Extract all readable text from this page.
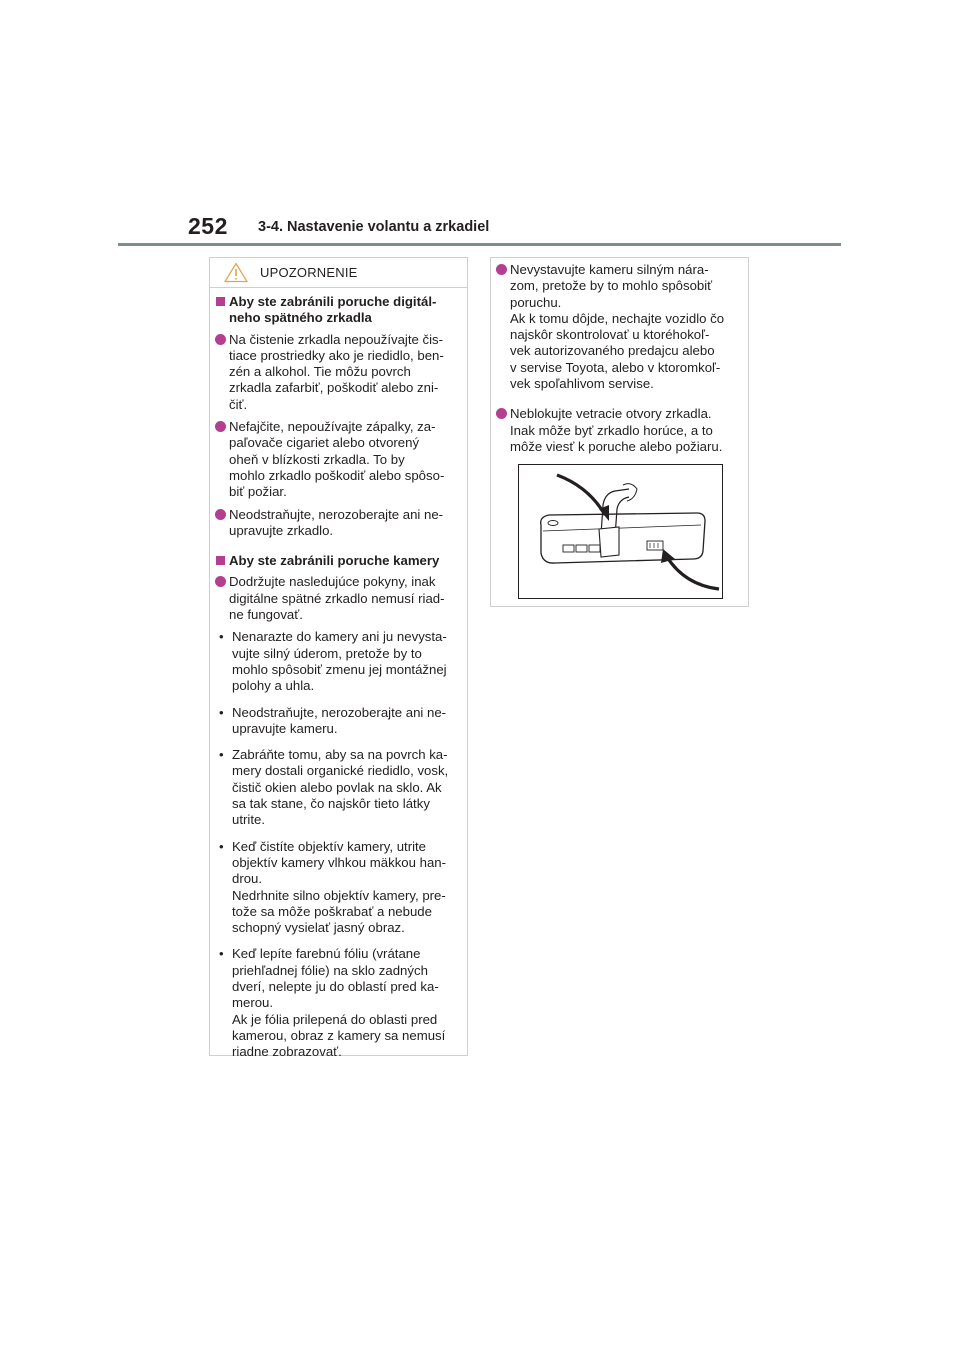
252 3-4. Nastavenie volantu a zrkadiel
UPOZORNENIE

Aby ste zabránili poruche digitál-
neho spätného zrkadla

Na čistenie zrkadla nepoužívajte čis-
tiace prostriedky ako je riedidlo, ben-
zén a alkohol. Tie môžu povrch
zrkadla zafarbiť, poškodiť alebo zni-
čiť.

Nefajčite, nepoužívajte zápalky, za-
paľovače cigariet alebo otvorený
oheň v blízkosti zrkadla. To by
mohlo zrkadlo poškodiť alebo spôso-
biť požiar.

Neodstraňujte, nerozoberajte ani ne-
upravujte zrkadlo.

Aby ste zabránili poruche kamery

Dodržujte nasledujúce pokyny, inak
digitálne spätné zrkadlo nemusí riad-
ne fungovať.

• Nenarazte do kamery ani ju nevysta-
vujte silný úderom, pretože by to
mohlo spôsobiť zmenu jej montážnej
polohy a uhla.

• Neodstraňujte, nerozoberajte ani ne-
upravujte kameru.

• Zabráňte tomu, aby sa na povrch ka-
mery dostali organické riedidlo, vosk,
čistič okien alebo povlak na sklo. Ak
sa tak stane, čo najskôr tieto látky
utrite.

• Keď čistíte objektív kamery, utrite
objektív kamery vlhkou mäkkou han-
drou.
Nedrhnite silno objektív kamery, pre-
tože sa môže poškrabať a nebude
schopný vysielať jasný obraz.

• Keď lepíte farebnú fóliu (vrátane
priehľadnej fólie) na sklo zadných
dverí, nelepte ju do oblastí pred ka-
merou.
Ak je fólia prilepená do oblasti pred
kamerou, obraz z kamery sa nemusí
riadne zobrazovať.

Nevystavujte kameru silným nára-
zom, pretože by to mohlo spôsobiť
poruchu.
Ak k tomu dôjde, nechajte vozidlo čo
najskôr skontrolovať u ktoréhokoľ-
vek autorizovaného predajcu alebo
v servise Toyota, alebo v ktoromkoľ-
vek spoľahlivom servise.

Neblokujte vetracie otvory zrkadla.
Inak môže byť zrkadlo horúce, a to
môže viesť k poruche alebo požiaru.
